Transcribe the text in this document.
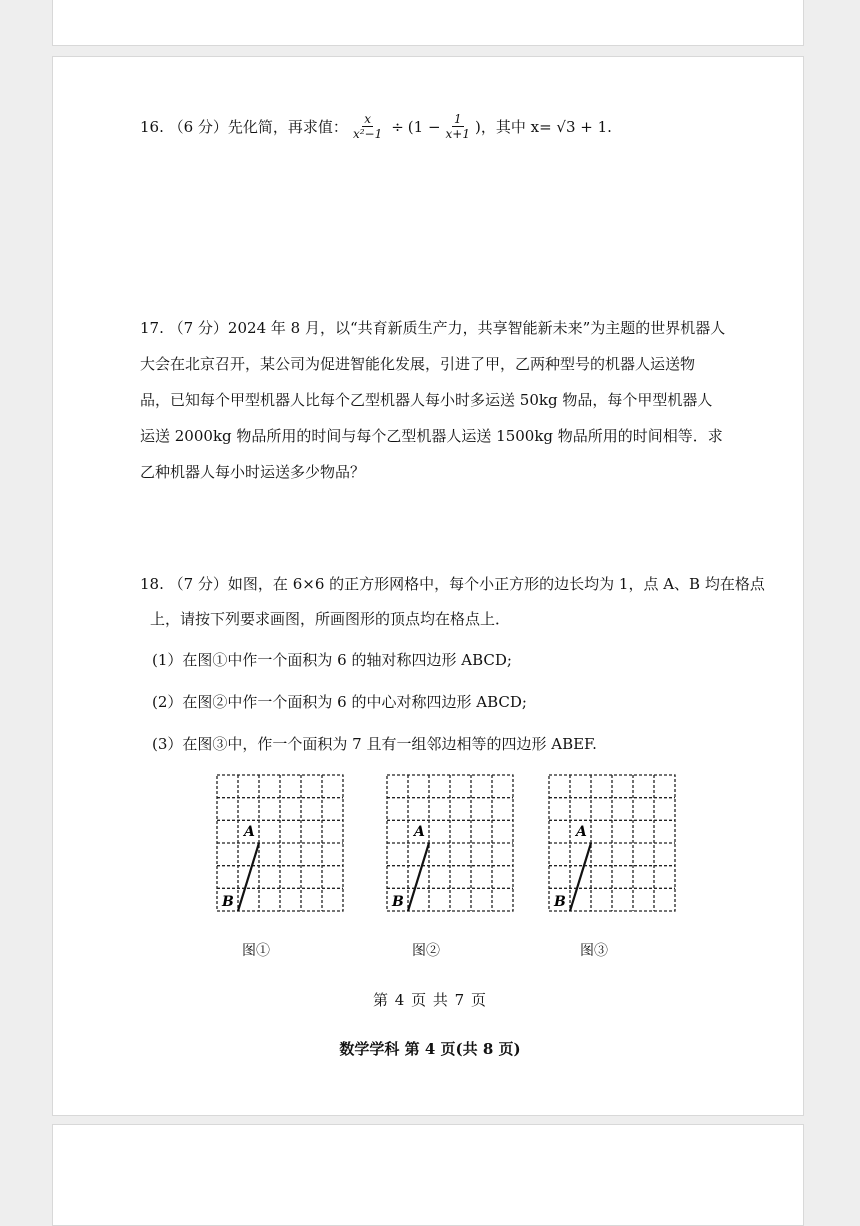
16. （6 分）先化简，再求值： $\frac{x}{\text{x²−1}} \div (1 - \frac{1}{x+1}$ )， 其中 x= √3 + 1.
17. （7 分）2024 年 8 月，以“共育新质生产力，共享智能新未来”为主题的世界机器人
大会在北京召开，某公司为促进智能化发展，引进了甲，乙两种型号的机器人运送物
品，已知每个甲型机器人比每个乙型机器人每小时多运送 50kg 物品，每个甲型机器人
运送 2000kg 物品所用的时间与每个乙型机器人运送 1500kg 物品所用的时间相等．求
乙种机器人每小时运送多少物品？
18. （7 分）如图，在 6×6 的正方形网格中，每个小正方形的边长均为 1，点 A、B 均在格点
上，请按下列要求画图，所画图形的顶点均在格点上．
(1）在图①中作一个面积为 6 的轴对称四边形 ABCD;
(2）在图②中作一个面积为 6 的中心对称四边形 ABCD;
(3）在图③中，作一个面积为 7 且有一组邻边相等的四边形 ABEF.
A
B
图①
A
B
图②
A
B
图③
第 4 页 共 7 页
数学学科 第 4 页(共 8 页)
